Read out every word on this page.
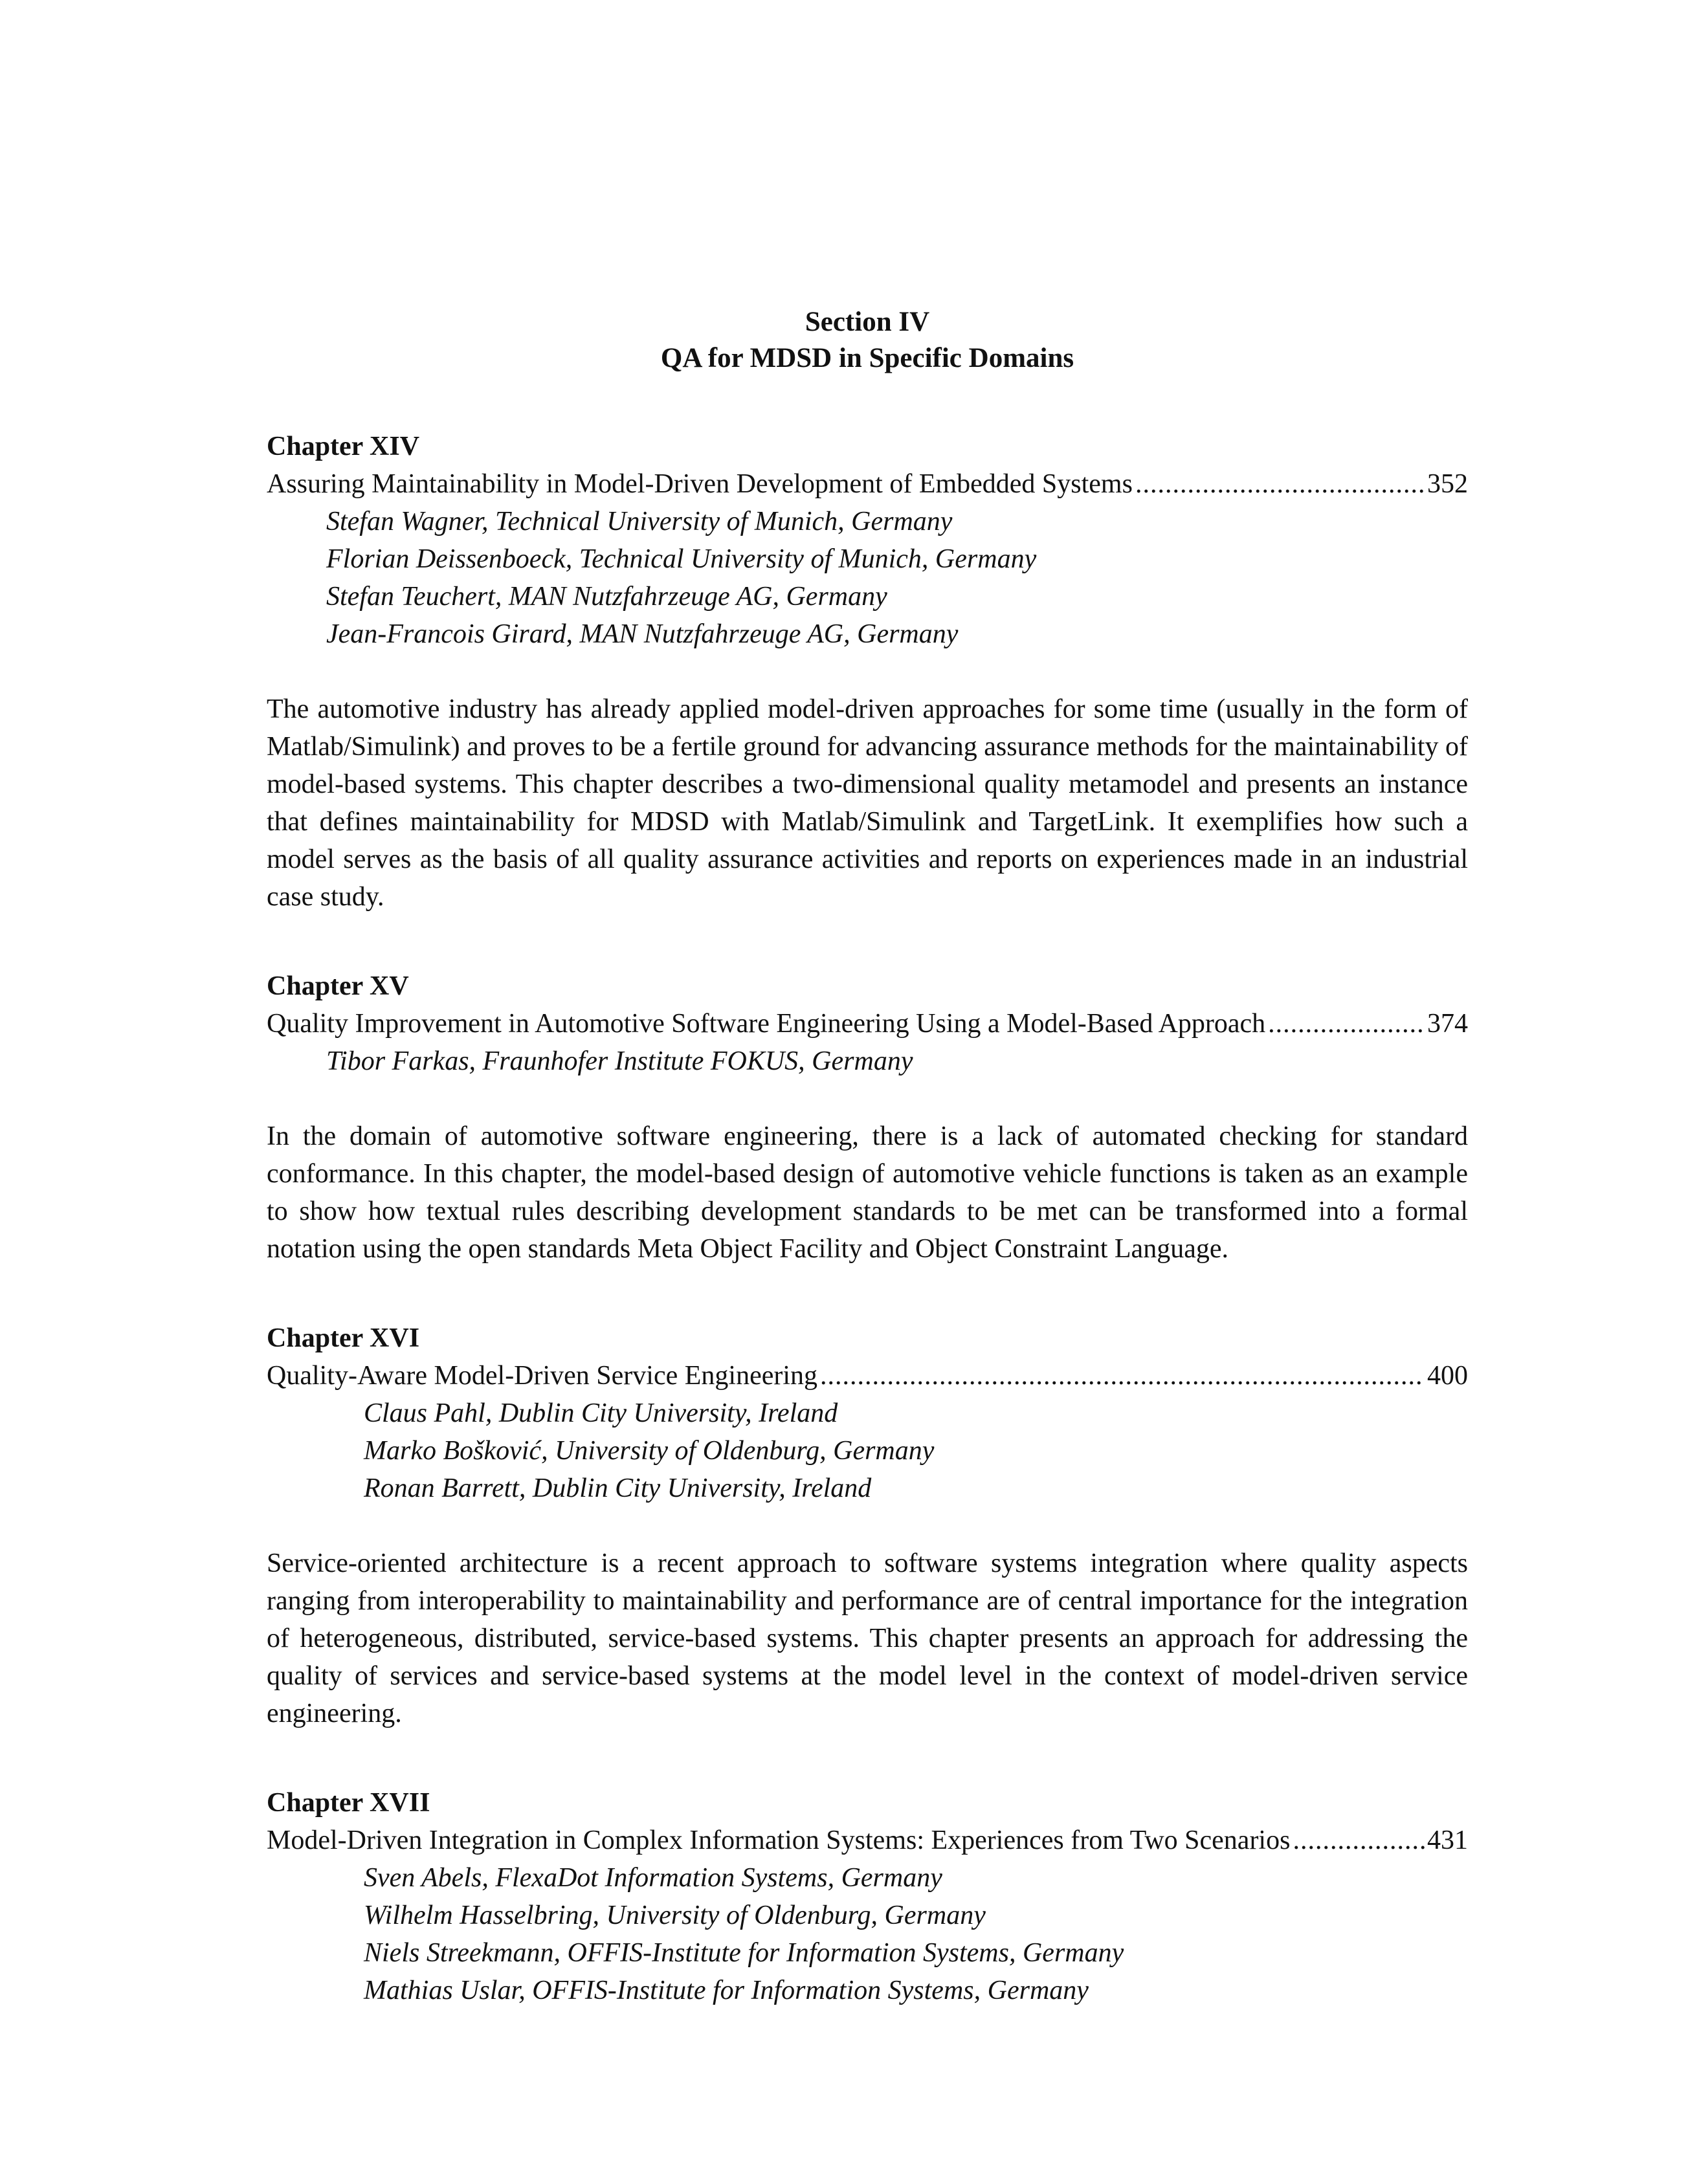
Section IV
QA for MDSD in Specific Domains
Chapter XIV
Assuring Maintainability in Model-Driven Development of Embedded Systems .....	352
Stefan Wagner, Technical University of Munich, Germany
Florian Deissenboeck, Technical University of Munich, Germany
Stefan Teuchert, MAN Nutzfahrzeuge AG, Germany
Jean-Francois Girard, MAN Nutzfahrzeuge AG, Germany
The automotive industry has already applied model-driven approaches for some time (usually in the form of Matlab/Simulink) and proves to be a fertile ground for advancing assurance methods for the maintainability of model-based systems. This chapter describes a two-dimensional quality metamodel and presents an instance that defines maintainability for MDSD with Matlab/Simulink and TargetLink. It exemplifies how such a model serves as the basis of all quality assurance activities and reports on experiences made in an industrial case study.
Chapter XV
Quality Improvement in Automotive Software Engineering Using a Model-Based Approach .....	374
Tibor Farkas, Fraunhofer Institute FOKUS, Germany
In the domain of automotive software engineering, there is a lack of automated checking for standard conformance. In this chapter, the model-based design of automotive vehicle functions is taken as an example to show how textual rules describing development standards to be met can be transformed into a formal notation using the open standards Meta Object Facility and Object Constraint Language.
Chapter XVI
Quality-Aware Model-Driven Service Engineering .....	400
Claus Pahl, Dublin City University, Ireland
Marko Bošković, University of Oldenburg, Germany
Ronan Barrett, Dublin City University, Ireland
Service-oriented architecture is a recent approach to software systems integration where quality aspects ranging from interoperability to maintainability and performance are of central importance for the integration of heterogeneous, distributed, service-based systems. This chapter presents an approach for addressing the quality of services and service-based systems at the model level in the context of model-driven service engineering.
Chapter XVII
Model-Driven Integration in Complex Information Systems: Experiences from Two Scenarios .....	431
Sven Abels, FlexaDot Information Systems, Germany
Wilhelm Hasselbring, University of Oldenburg, Germany
Niels Streekmann, OFFIS-Institute for Information Systems, Germany
Mathias Uslar, OFFIS-Institute for Information Systems, Germany
